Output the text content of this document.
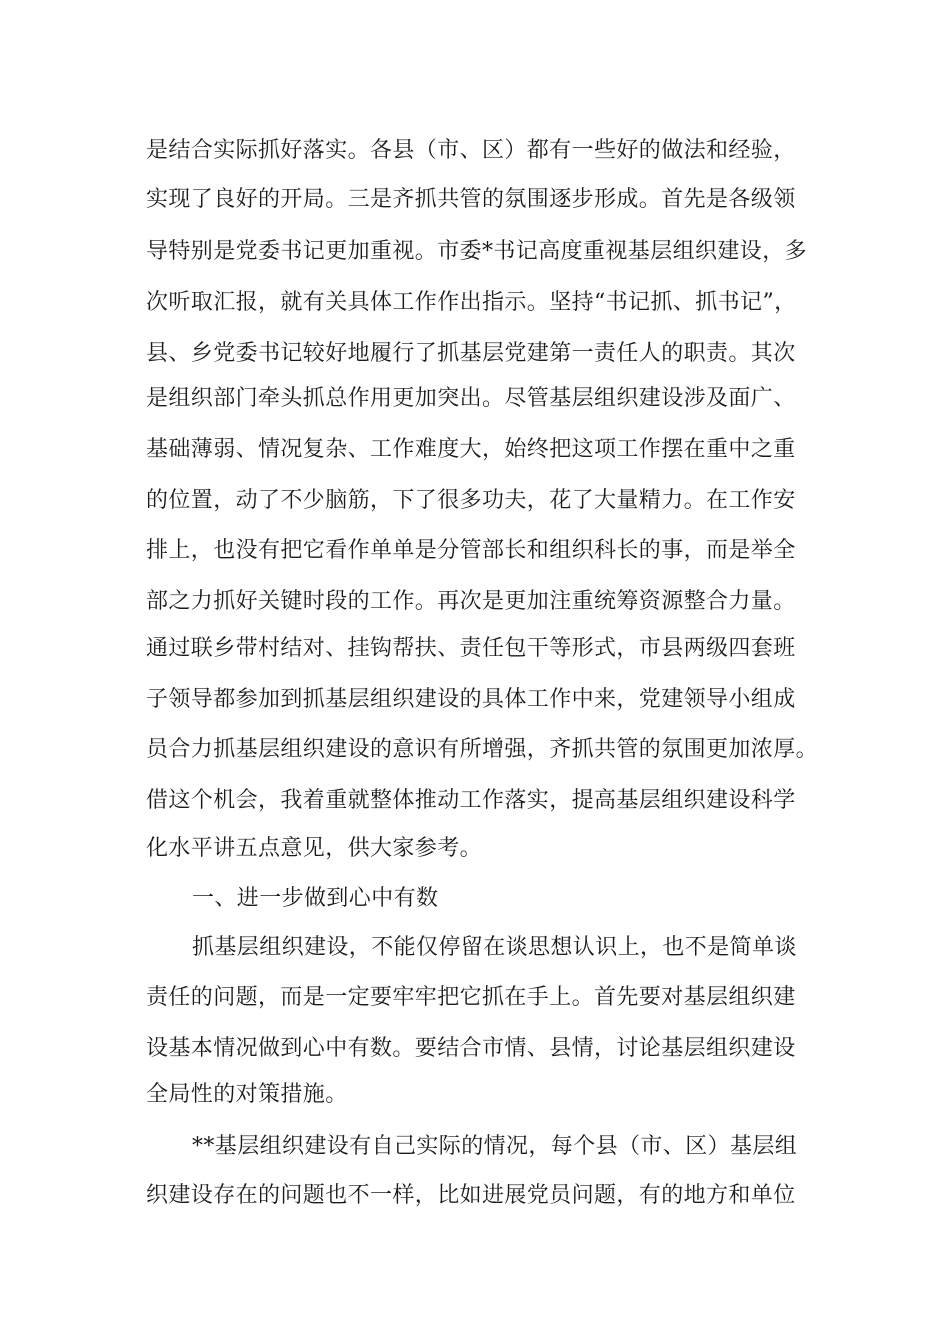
是结合实际抓好落实。各县（市、区）都有一些好的做法和经验，
实现了良好的开局。三是齐抓共管的氛围逐步形成。首先是各级领
导特别是党委书记更加重视。市委*书记高度重视基层组织建设，多
次听取汇报，就有关具体工作作出指示。坚持“书记抓、抓书记”，
县、乡党委书记较好地履行了抓基层党建第一责任人的职责。其次
是组织部门牵头抓总作用更加突出。尽管基层组织建设涉及面广、
基础薄弱、情况复杂、工作难度大，始终把这项工作摆在重中之重
的位置，动了不少脑筋，下了很多功夫，花了大量精力。在工作安
排上，也没有把它看作单单是分管部长和组织科长的事，而是举全
部之力抓好关键时段的工作。再次是更加注重统筹资源整合力量。
通过联乡带村结对、挂钩帮扶、责任包干等形式，市县两级四套班
子领导都参加到抓基层组织建设的具体工作中来，党建领导小组成
员合力抓基层组织建设的意识有所增强，齐抓共管的氛围更加浓厚。
借这个机会，我着重就整体推动工作落实，提高基层组织建设科学
化水平讲五点意见，供大家参考。
一、进一步做到心中有数
抓基层组织建设，不能仅停留在谈思想认识上，也不是简单谈
责任的问题，而是一定要牢牢把它抓在手上。首先要对基层组织建
设基本情况做到心中有数。要结合市情、县情，讨论基层组织建设
全局性的对策措施。
**基层组织建设有自己实际的情况，每个县（市、区）基层组
织建设存在的问题也不一样，比如进展党员问题，有的地方和单位
